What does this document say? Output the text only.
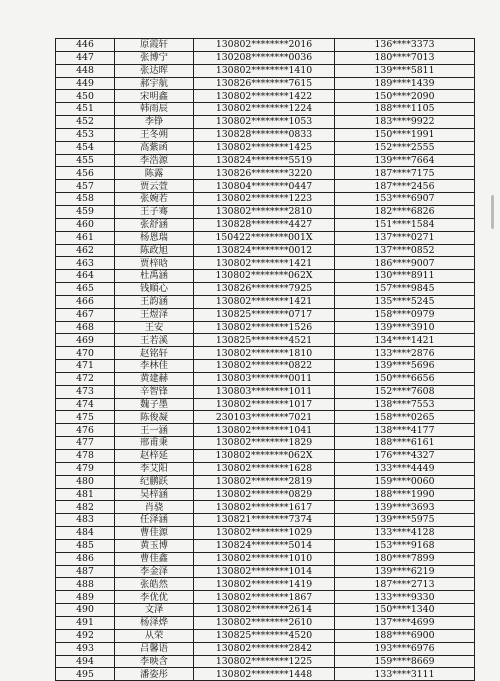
446	原霞轩	130802********2016	136****3373
447	张博宁	130208********0036	180****7013
448	张达晖	130802********1410	139****5811
449	郝宇航	130826********7615	189****1439
450	宋明鑫	130802********1422	150****2090
451	韩雨辰	130802********1224	188****1105
452	李铮	130802********1053	183****9922
453	王冬朔	130828********0833	150****1991
454	高紫函	130802********1425	152****2555
455	李浩源	130824********5519	139****7664
456	陈露	130826********3220	187****7175
457	贾云萱	130804********0447	187****2456
458	张婉若	130802********1223	153****6907
459	王子骞	130802********2810	182****6826
460	张舒涵	130828********4427	151****1584
461	杨恩瑞	150422********001X	137****0271
462	陈政旭	130824********0012	137****0852
463	贾梓晗	130802********1421	186****9007
464	杜禹涵	130802********062X	130****8911
465	钱順心	130826********7925	157****9845
466	王韵涵	130802********1421	135****5245
467	王煜泽	130825********0717	158****0979
468	王安	130802********1526	139****3910
469	王若溪	130825********4521	134****1421
470	赵铭轩	130802********1810	133****2876
471	李林佳	130802********0822	139****5696
472	黄建赫	130803********0011	150****6656
473	辛智锋	130803********1011	152****7608
474	魏子墨	130802********1017	138****7553
475	陈俊凝	230103********7021	158****0265
476	王一涵	130802********1041	138****4177
477	邢甫秉	130802********1829	188****6161
478	赵梓延	130802********062X	176****4327
479	李艾阳	130802********1628	133****4449
480	纪鹏跃	130802********2819	159****0060
481	吴梓涵	130802********0829	188****1990
482	肖骁	130802********1617	139****3693
483	任泽涵	130821********7374	139****5975
484	曹佳源	130802********1029	133****4128
485	黄玉博	130824********5014	153****9168
486	曹佳鑫	130802********1010	180****7899
487	李金泽	130802********1014	139****6219
488	张皓然	130802********1419	187****2713
489	李优优	130802********1867	133****9330
490	文泽	130802********2614	150****1340
491	杨泽烨	130802********2610	137****4699
492	从荣	130825********4520	188****6900
493	吕馨语	130802********2842	193****6976
494	李映含	130802********1225	159****8669
495	潘姿彤	130802********1448	133****3111
